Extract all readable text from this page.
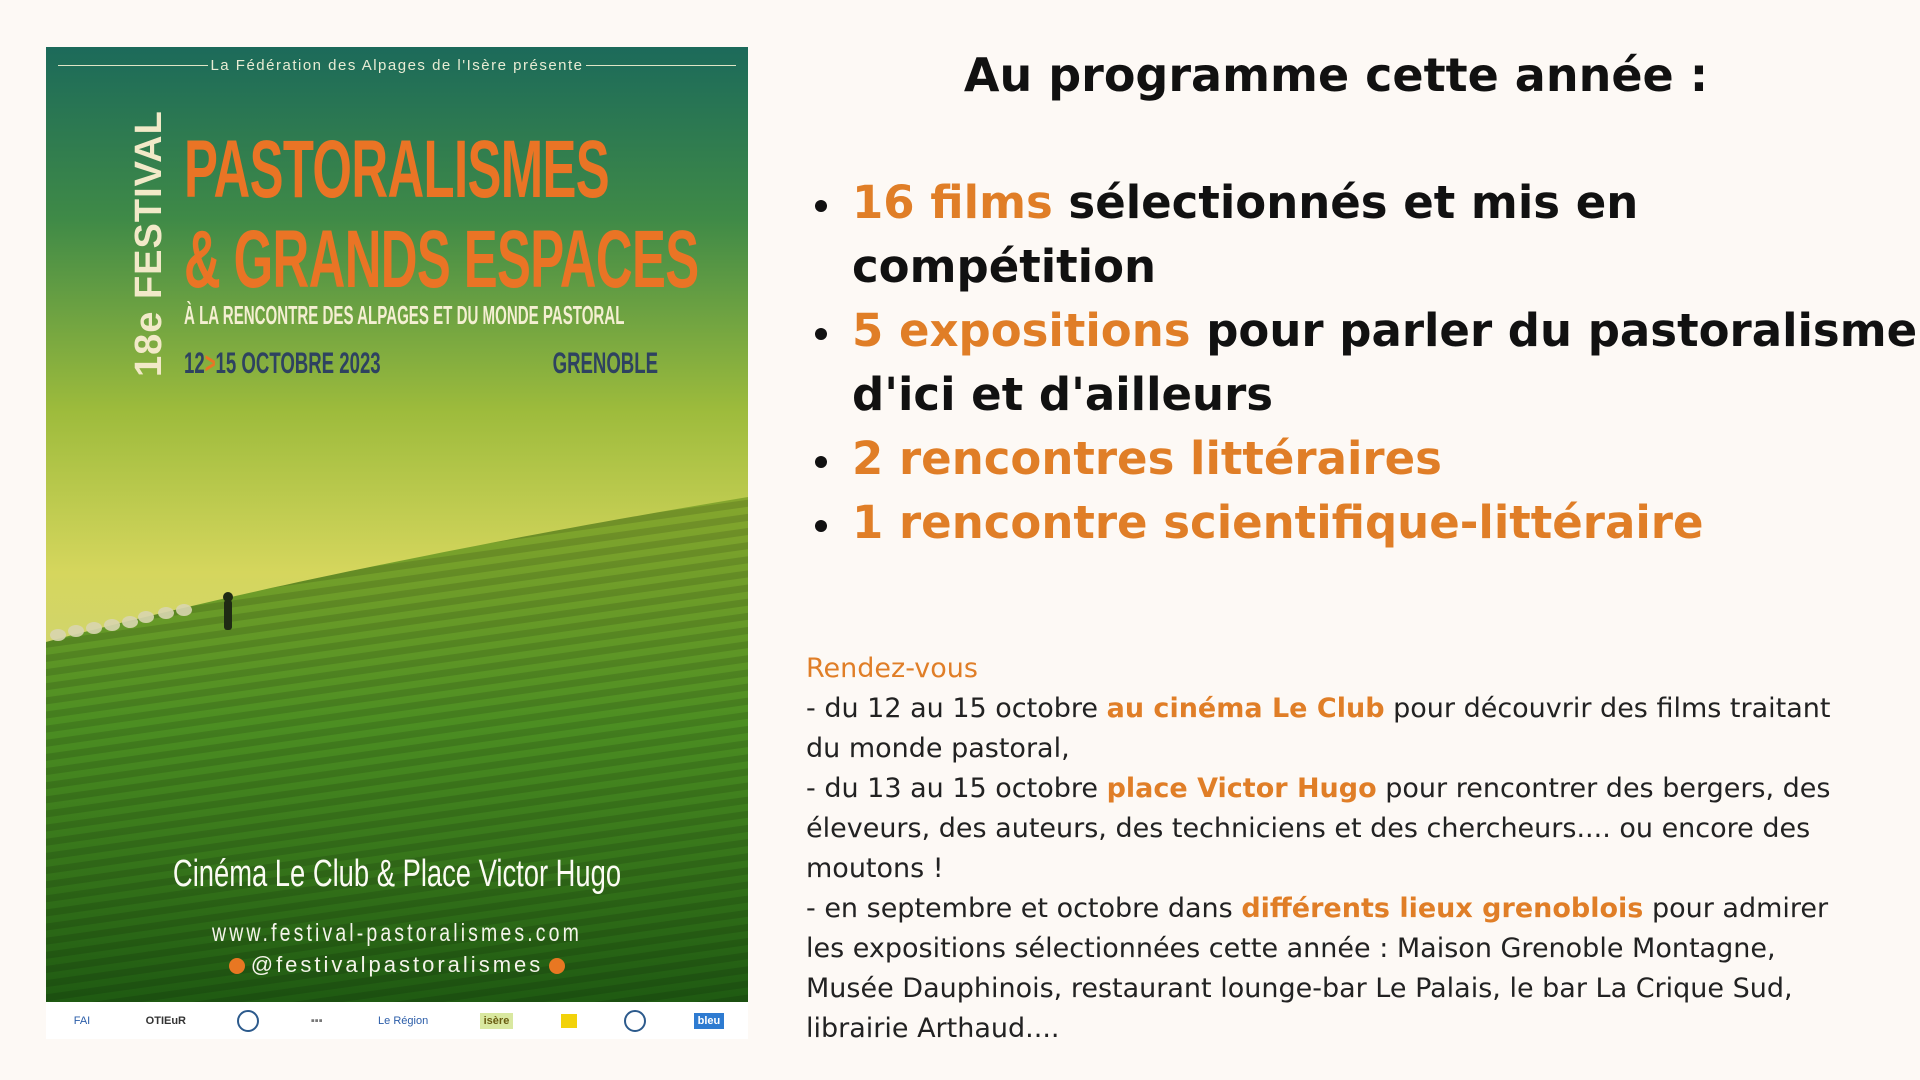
La Fédération des Alpages de l'Isère présente
18e FESTIVAL PASTORALISMES
& GRANDS ESPACES
À LA RENCONTRE DES ALPAGES ET DU MONDE PASTORAL
12>15 OCTOBRE 2023	GRENOBLE
Cinéma Le Club & Place Victor Hugo
www.festival-pastoralismes.com
@festivalpastoralismes
FAI	OTIEuR	▪▪▪	Le Région	isère	bleu
Au programme cette année :
• 16 films sélectionnés et mis en compétition
• 5 expositions pour parler du pastoralisme d'ici et d'ailleurs
• 2 rencontres littéraires
• 1 rencontre scientifique-littéraire

Rendez-vous

- du 12 au 15 octobre au cinéma Le Club pour découvrir des films traitant du monde pastoral,

- du 13 au 15 octobre place Victor Hugo pour rencontrer des bergers, des éleveurs, des auteurs, des techniciens et des chercheurs.... ou encore des moutons !

- en septembre et octobre dans différents lieux grenoblois pour admirer les expositions sélectionnées cette année : Maison Grenoble Montagne, Musée Dauphinois, restaurant lounge-bar Le Palais, le bar La Crique Sud, librairie Arthaud....
